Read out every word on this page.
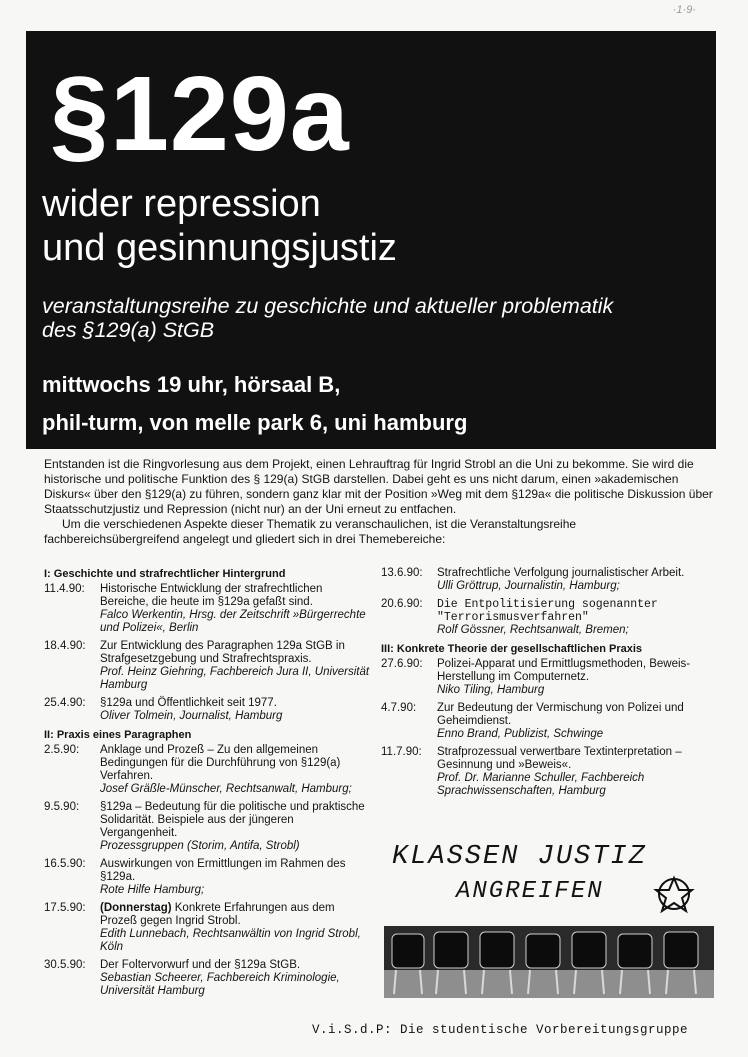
·1·9·
§129a
wider repression
und gesinnungsjustiz
veranstaltungsreihe zu geschichte und aktueller problematik
des §129(a) StGB
mittwochs 19 uhr, hörsaal B,
phil-turm, von melle park 6, uni hamburg

Entstanden ist die Ringvorlesung aus dem Projekt, einen Lehrauftrag für Ingrid Strobl an die Uni zu bekomme. Sie wird die historische und politische Funktion des § 129(a) StGB darstellen. Dabei geht es uns nicht darum, einen »akademischen Diskurs« über den §129(a) zu führen, sondern ganz klar mit der Position »Weg mit dem §129a« die politische Diskussion über Staatsschutzjustiz und Repression (nicht nur) an der Uni erneut zu entfachen.

Um die verschiedenen Aspekte dieser Thematik zu veranschaulichen, ist die Veranstaltungsreihe fachbereichsübergreifend angelegt und gliedert sich in drei Themebereiche:

I: Geschichte und strafrechtlicher Hintergrund
11.4.90:	Historische Entwicklung der strafrechtlichen Bereiche, die heute im §129a gefaßt sind.
Falco Werkentin, Hrsg. der Zeitschrift »Bürgerrechte und Polizei«, Berlin
18.4.90:	Zur Entwicklung des Paragraphen 129a StGB in Strafgesetzgebung und Strafrechtspraxis.
Prof. Heinz Giehring, Fachbereich Jura II, Universität Hamburg
25.4.90:	§129a und Öffentlichkeit seit 1977.
Oliver Tolmein, Journalist, Hamburg
II: Praxis eines Paragraphen
2.5.90:	Anklage und Prozeß – Zu den allgemeinen Bedingungen für die Durchführung von §129(a) Verfahren.
Josef Gräßle-Münscher, Rechtsanwalt, Hamburg;
9.5.90:	§129a – Bedeutung für die politische und praktische Solidarität. Beispiele aus der jüngeren Vergangenheit.
Prozessgruppen (Storim, Antifa, Strobl)
16.5.90:	Auswirkungen von Ermittlungen im Rahmen des §129a.
Rote Hilfe Hamburg;
17.5.90:	(Donnerstag) Konkrete Erfahrungen aus dem Prozeß gegen Ingrid Strobl.
Edith Lunnebach, Rechtsanwältin von Ingrid Strobl, Köln
30.5.90:	Der Foltervorwurf und der §129a StGB.
Sebastian Scheerer, Fachbereich Kriminologie, Universität Hamburg
13.6.90:	Strafrechtliche Verfolgung journalistischer Arbeit.
Ulli Gröttrup, Journalistin, Hamburg;
20.6.90:	Die Entpolitisierung sogenannter "Terrorismusverfahren"
Rolf Gössner, Rechtsanwalt, Bremen;
III: Konkrete Theorie der gesellschaftlichen Praxis
27.6.90:	Polizei-Apparat und Ermittlugsmethoden, Beweis-Herstellung im Computernetz.
Niko Tiling, Hamburg
4.7.90:	Zur Bedeutung der Vermischung von Polizei und Geheimdienst.
Enno Brand, Publizist, Schwinge
11.7.90:	Strafprozessual verwertbare Textinterpretation – Gesinnung und »Beweis«.
Prof. Dr. Marianne Schuller, Fachbereich Sprachwissenschaften, Hamburg
KLASSEN JUSTIZ
ANGREIFEN
V.i.S.d.P: Die studentische Vorbereitungsgruppe
